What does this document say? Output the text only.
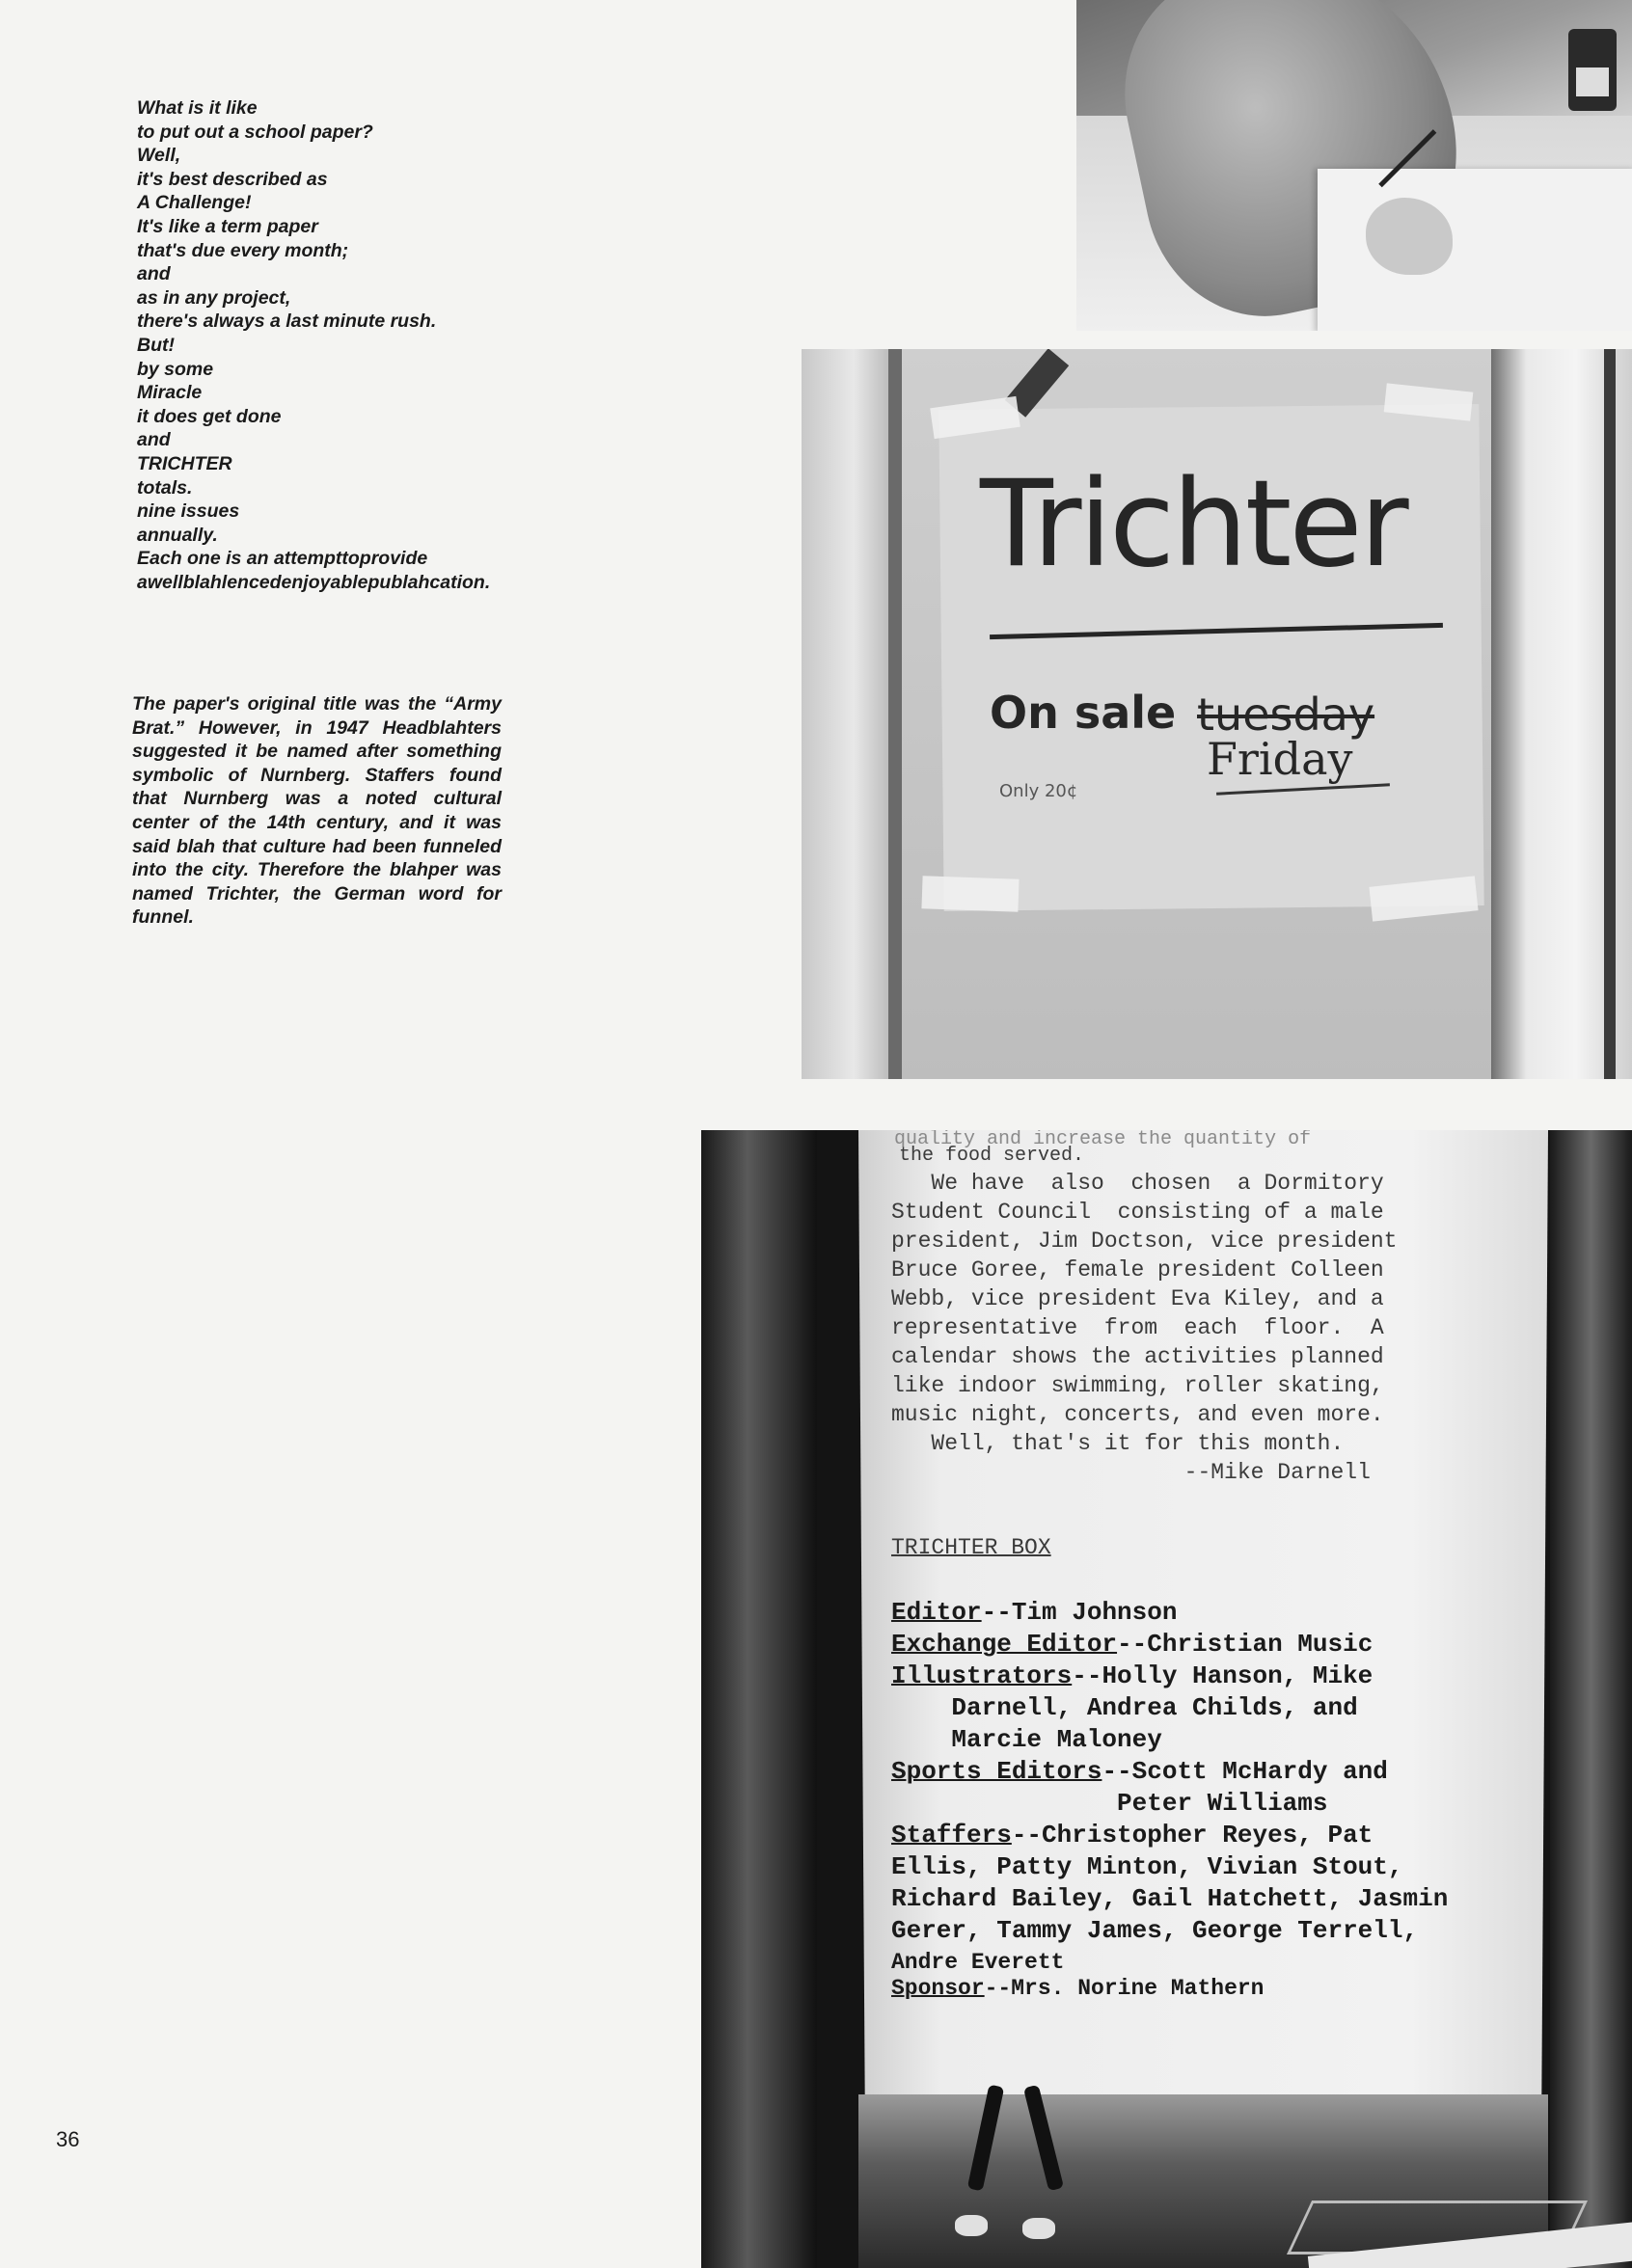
What is it like
to put out a school paper?
Well,
it's best described as
A Challenge!
It's like a term paper
that's due every month;
and
as in any project,
there's always a last minute rush.
But!
by some
Miracle
it does get done
and
TRICHTER
totals.
nine issues
annually.
Each one is an attempttoprovide
awellblahlencedenjoyablepublahcation.
The paper's original title was the “Army Brat.” However, in 1947 Headblahters suggested it be named after something symbolic of Nurnberg. Staffers found that Nurnberg was a noted cultural center of the 14th century, and it was said blah that culture had been funneled into the city. Therefore the blahper was named Trichter, the German word for funnel.
36
Trichter
On sale tuesday
Friday
Only 20¢
quality and increase the quantity of
the food served.
We have  also  chosen  a Dormitory
Student Council  consisting of a male
president, Jim Doctson, vice president
Bruce Goree, female president Colleen
Webb, vice president Eva Kiley, and a
representative  from  each  floor.  A
calendar shows the activities planned
like indoor swimming, roller skating,
music night, concerts, and even more.
Well, that's it for this month.
--Mike Darnell
TRICHTER BOX
Editor--Tim Johnson
Exchange Editor--Christian Music
Illustrators--Holly Hanson, Mike
Darnell, Andrea Childs, and
Marcie Maloney
Sports Editors--Scott McHardy and
Peter Williams
Staffers--Christopher Reyes, Pat
Ellis, Patty Minton, Vivian Stout,
Richard Bailey, Gail Hatchett, Jasmin
Gerer, Tammy James, George Terrell,
Andre Everett
Sponsor--Mrs. Norine Mathern
